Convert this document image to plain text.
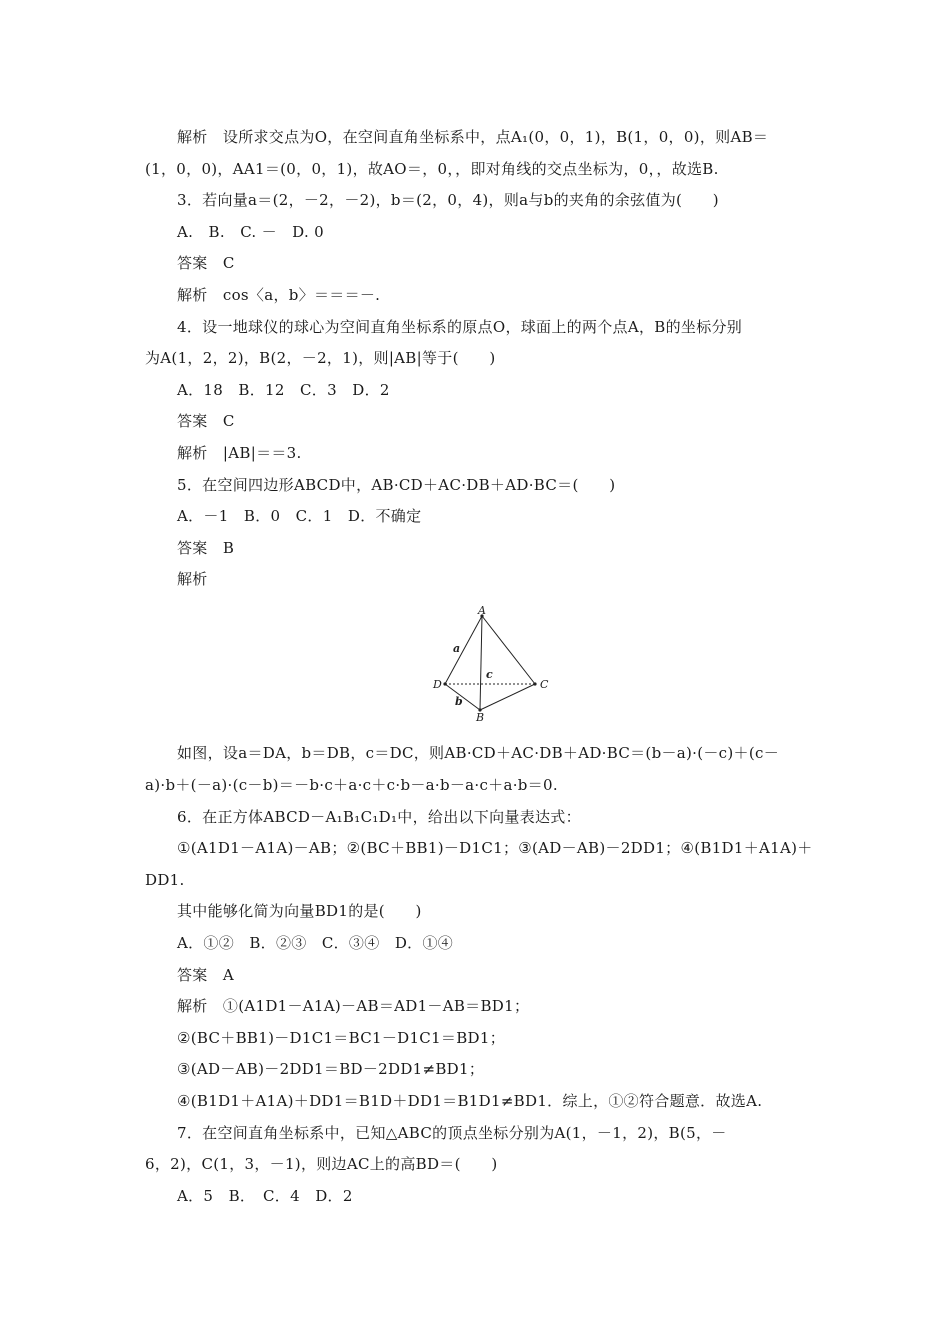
解析　设所求交点为O，在空间直角坐标系中，点A₁(0，0，1)，B(1，0，0)，则AB＝
(1，0，0)，AA1＝(0，0，1)，故AO＝，0，，即对角线的交点坐标为，0，，故选B.
3．若向量a＝(2，－2，－2)，b＝(2，0，4)，则a与b的夹角的余弦值为(　　)
A.　B.　C. －　D. 0
答案　C
解析　cos〈a，b〉＝＝＝－.
4．设一地球仪的球心为空间直角坐标系的原点O，球面上的两个点A，B的坐标分别
为A(1，2，2)，B(2，－2，1)，则|AB|等于(　　)
A．18　B．12　C．3　D．2
答案　C
解析　|AB|＝＝3.
5．在空间四边形ABCD中，AB·CD＋AC·DB＋AD·BC＝(　　)
A．－1　B．0　C．1　D．不确定
答案　B
解析
A
B
C
D
a
b
c
如图，设a＝DA，b＝DB，c＝DC，则AB·CD＋AC·DB＋AD·BC＝(b－a)·(－c)＋(c－
a)·b＋(－a)·(c－b)＝－b·c＋a·c＋c·b－a·b－a·c＋a·b＝0.
6．在正方体ABCD－A₁B₁C₁D₁中，给出以下向量表达式：
①(A1D1－A1A)－AB；②(BC＋BB1)－D1C1；③(AD－AB)－2DD1；④(B1D1＋A1A)＋
DD1.
其中能够化简为向量BD1的是(　　)
A．①②　B．②③　C．③④　D．①④
答案　A
解析　①(A1D1－A1A)－AB＝AD1－AB＝BD1；
②(BC＋BB1)－D1C1＝BC1－D1C1＝BD1；
③(AD－AB)－2DD1＝BD－2DD1≠BD1；
④(B1D1＋A1A)＋DD1＝B1D＋DD1＝B1D1≠BD1．综上，①②符合题意．故选A.
7．在空间直角坐标系中，已知△ABC的顶点坐标分别为A(1，－1，2)，B(5，－
6，2)，C(1，3，－1)，则边AC上的高BD＝(　　)
A．5　B．　C．4　D．2
